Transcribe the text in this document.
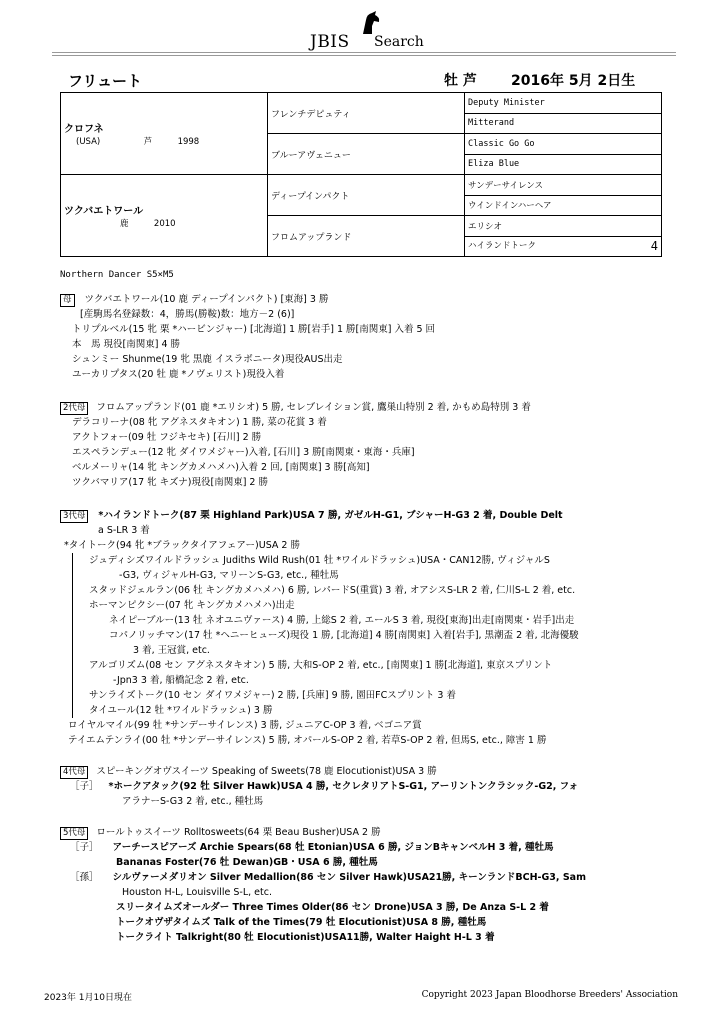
JBIS Search
フリュート	牡 芦 2016年 5月 2日生
クロフネ
(USA) 芦 1998	フレンチデピュティ	Deputy Minister
		Mitterand
	ブルーアヴェニュー	Classic Go Go
		Eliza Blue

ツクバエトワール
鹿 2010	ディープインパクト	サンデーサイレンス
		ウインドインハーヘア
	フロムアップランド	エリシオ
		ハイランドトーク 4
Northern Dancer S5×M5
母 ツクバエトワール(10 鹿 ディープインパクト) [東海] 3 勝
[産駒馬名登録数：4，勝馬(勝鞍)数：地方－2 (6)]
トリプルベル(15 牝 栗 *ハービンジャー) [北海道] 1 勝[岩手] 1 勝[南関東] 入着 5 回
本　馬 現役[南関東] 4 勝
シュンミー Shunme(19 牝 黒鹿 イスラボニータ)現役AUS出走
ユーカリプタス(20 牡 鹿 *ノヴェリスト)現役入着
2代母 フロムアップランド(01 鹿 *エリシオ) 5 勝, セレブレイション賞, 鷹巣山特別 2 着, かもめ島特別 3 着
デラコリーナ(08 牝 アグネスタキオン) 1 勝, 菜の花賞 3 着
アクトフォー(09 牡 フジキセキ) [石川] 2 勝
エスペランデュー(12 牝 ダイワメジャー)入着, [石川] 3 勝[南関東・東海・兵庫]
ベルメーリャ(14 牝 キングカメハメハ)入着 2 回, [南関東] 3 勝[高知]
ツクバマリア(17 牝 キズナ)現役[南関東] 2 勝
3代母 *ハイランドトーク(87 栗 Highland Park)USA 7 勝, ガゼルH-G1, ブシャーH-G3 2 着, Double Delt
a S-LR 3 着
*タイトーク(94 牝 *ブラックタイアフェアー)USA 2 勝
ジュディシズワイルドラッシュ Judiths Wild Rush(01 牡 *ワイルドラッシュ)USA・CAN12勝, ヴィジャルS
-G3, ヴィジャルH-G3, マリーンS-G3, etc., 種牡馬
スタッドジェルラン(06 牡 キングカメハメハ) 6 勝, レパードS(重賞) 3 着, オアシスS-LR 2 着, 仁川S-L 2 着, etc.
ホーマンピクシー(07 牝 キングカメハメハ)出走
ネイピーブルー(13 牡 ネオユニヴァース) 4 勝, 上総S 2 着, エールS 3 着, 現役[東海]出走[南関東・岩手]出走
コパノリッチマン(17 牡 *ヘニーヒューズ)現役 1 勝, [北海道] 4 勝[南関東] 入着[岩手], 黒潮盃 2 着, 北海優駿
3 着, 王冠賞, etc.
アルゴリズム(08 セン アグネスタキオン) 5 勝, 大和S-OP 2 着, etc., [南関東] 1 勝[北海道], 東京スプリント
-Jpn3 3 着, 船橋記念 2 着, etc.
サンライズトーク(10 セン ダイワメジャー) 2 勝, [兵庫] 9 勝, 園田FCスプリント 3 着
タイユール(12 牡 *ワイルドラッシュ) 3 勝
ロイヤルマイル(99 牡 *サンデーサイレンス) 3 勝, ジュニアC-OP 3 着, ベゴニア賞
テイエムテンライ(00 牡 *サンデーサイレンス) 5 勝, オパールS-OP 2 着, 若草S-OP 2 着, 但馬S, etc., 障害 1 勝
4代母 スピーキングオヴスイーツ Speaking of Sweets(78 鹿 Elocutionist)USA 3 勝
［子］ *ホークアタック(92 牡 Silver Hawk)USA 4 勝, セクレタリアトS-G1, アーリントンクラシック-G2, フォ
アラナーS-G3 2 着, etc., 種牡馬
5代母 ロールトゥスイーツ Rolltosweets(64 栗 Beau Busher)USA 2 勝
［子］ アーチースピアーズ Archie Spears(68 牡 Etonian)USA 6 勝, ジョンBキャンベルH 3 着, 種牡馬
Bananas Foster(76 牡 Dewan)GB・USA 6 勝, 種牡馬
［孫］ シルヴァーメダリオン Silver Medallion(86 セン Silver Hawk)USA21勝, キーンランドBCH-G3, Sam
Houston H-L, Louisville S-L, etc.
スリータイムズオールダー Three Times Older(86 セン Drone)USA 3 勝, De Anza S-L 2 着
トークオヴザタイムズ Talk of the Times(79 牡 Elocutionist)USA 8 勝, 種牡馬
トークライト Talkright(80 牡 Elocutionist)USA11勝, Walter Haight H-L 3 着
2023年 1月10日現在	Copyright 2023 Japan Bloodhorse Breeders' Association
